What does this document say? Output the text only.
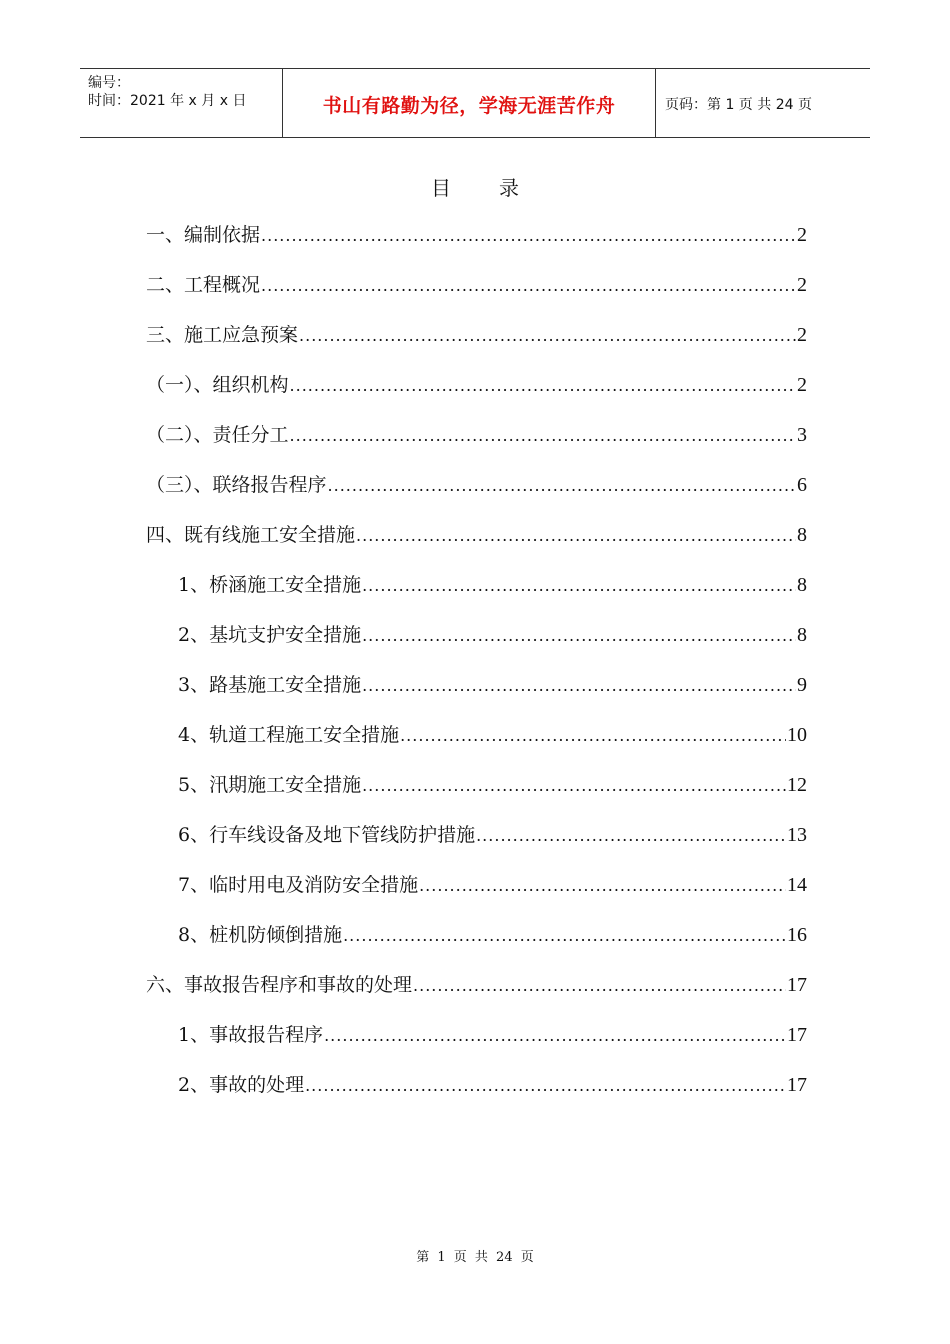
编号：
时间：2021 年 x 月 x 日	书山有路勤为径，学海无涯苦作舟	页码：第 1 页 共 24 页
目录
一、编制依据 .....	2
二、工程概况 .....	2
三、施工应急预案 .....	2
（一）、组织机构 .....	2
（二）、责任分工 .....	3
（三）、联络报告程序 .....	6
四、既有线施工安全措施 .....	8
1、桥涵施工安全措施 .....	8
2、基坑支护安全措施 .....	8
3、路基施工安全措施 .....	9
4、轨道工程施工安全措施 .....	10
5、汛期施工安全措施 .....	12
6、行车线设备及地下管线防护措施 .....	13
7、临时用电及消防安全措施 .....	14
8、桩机防倾倒措施 .....	16
六、事故报告程序和事故的处理 .....	17
1、事故报告程序 .....	17
2、事故的处理 .....	17
第 1 页 共 24 页
